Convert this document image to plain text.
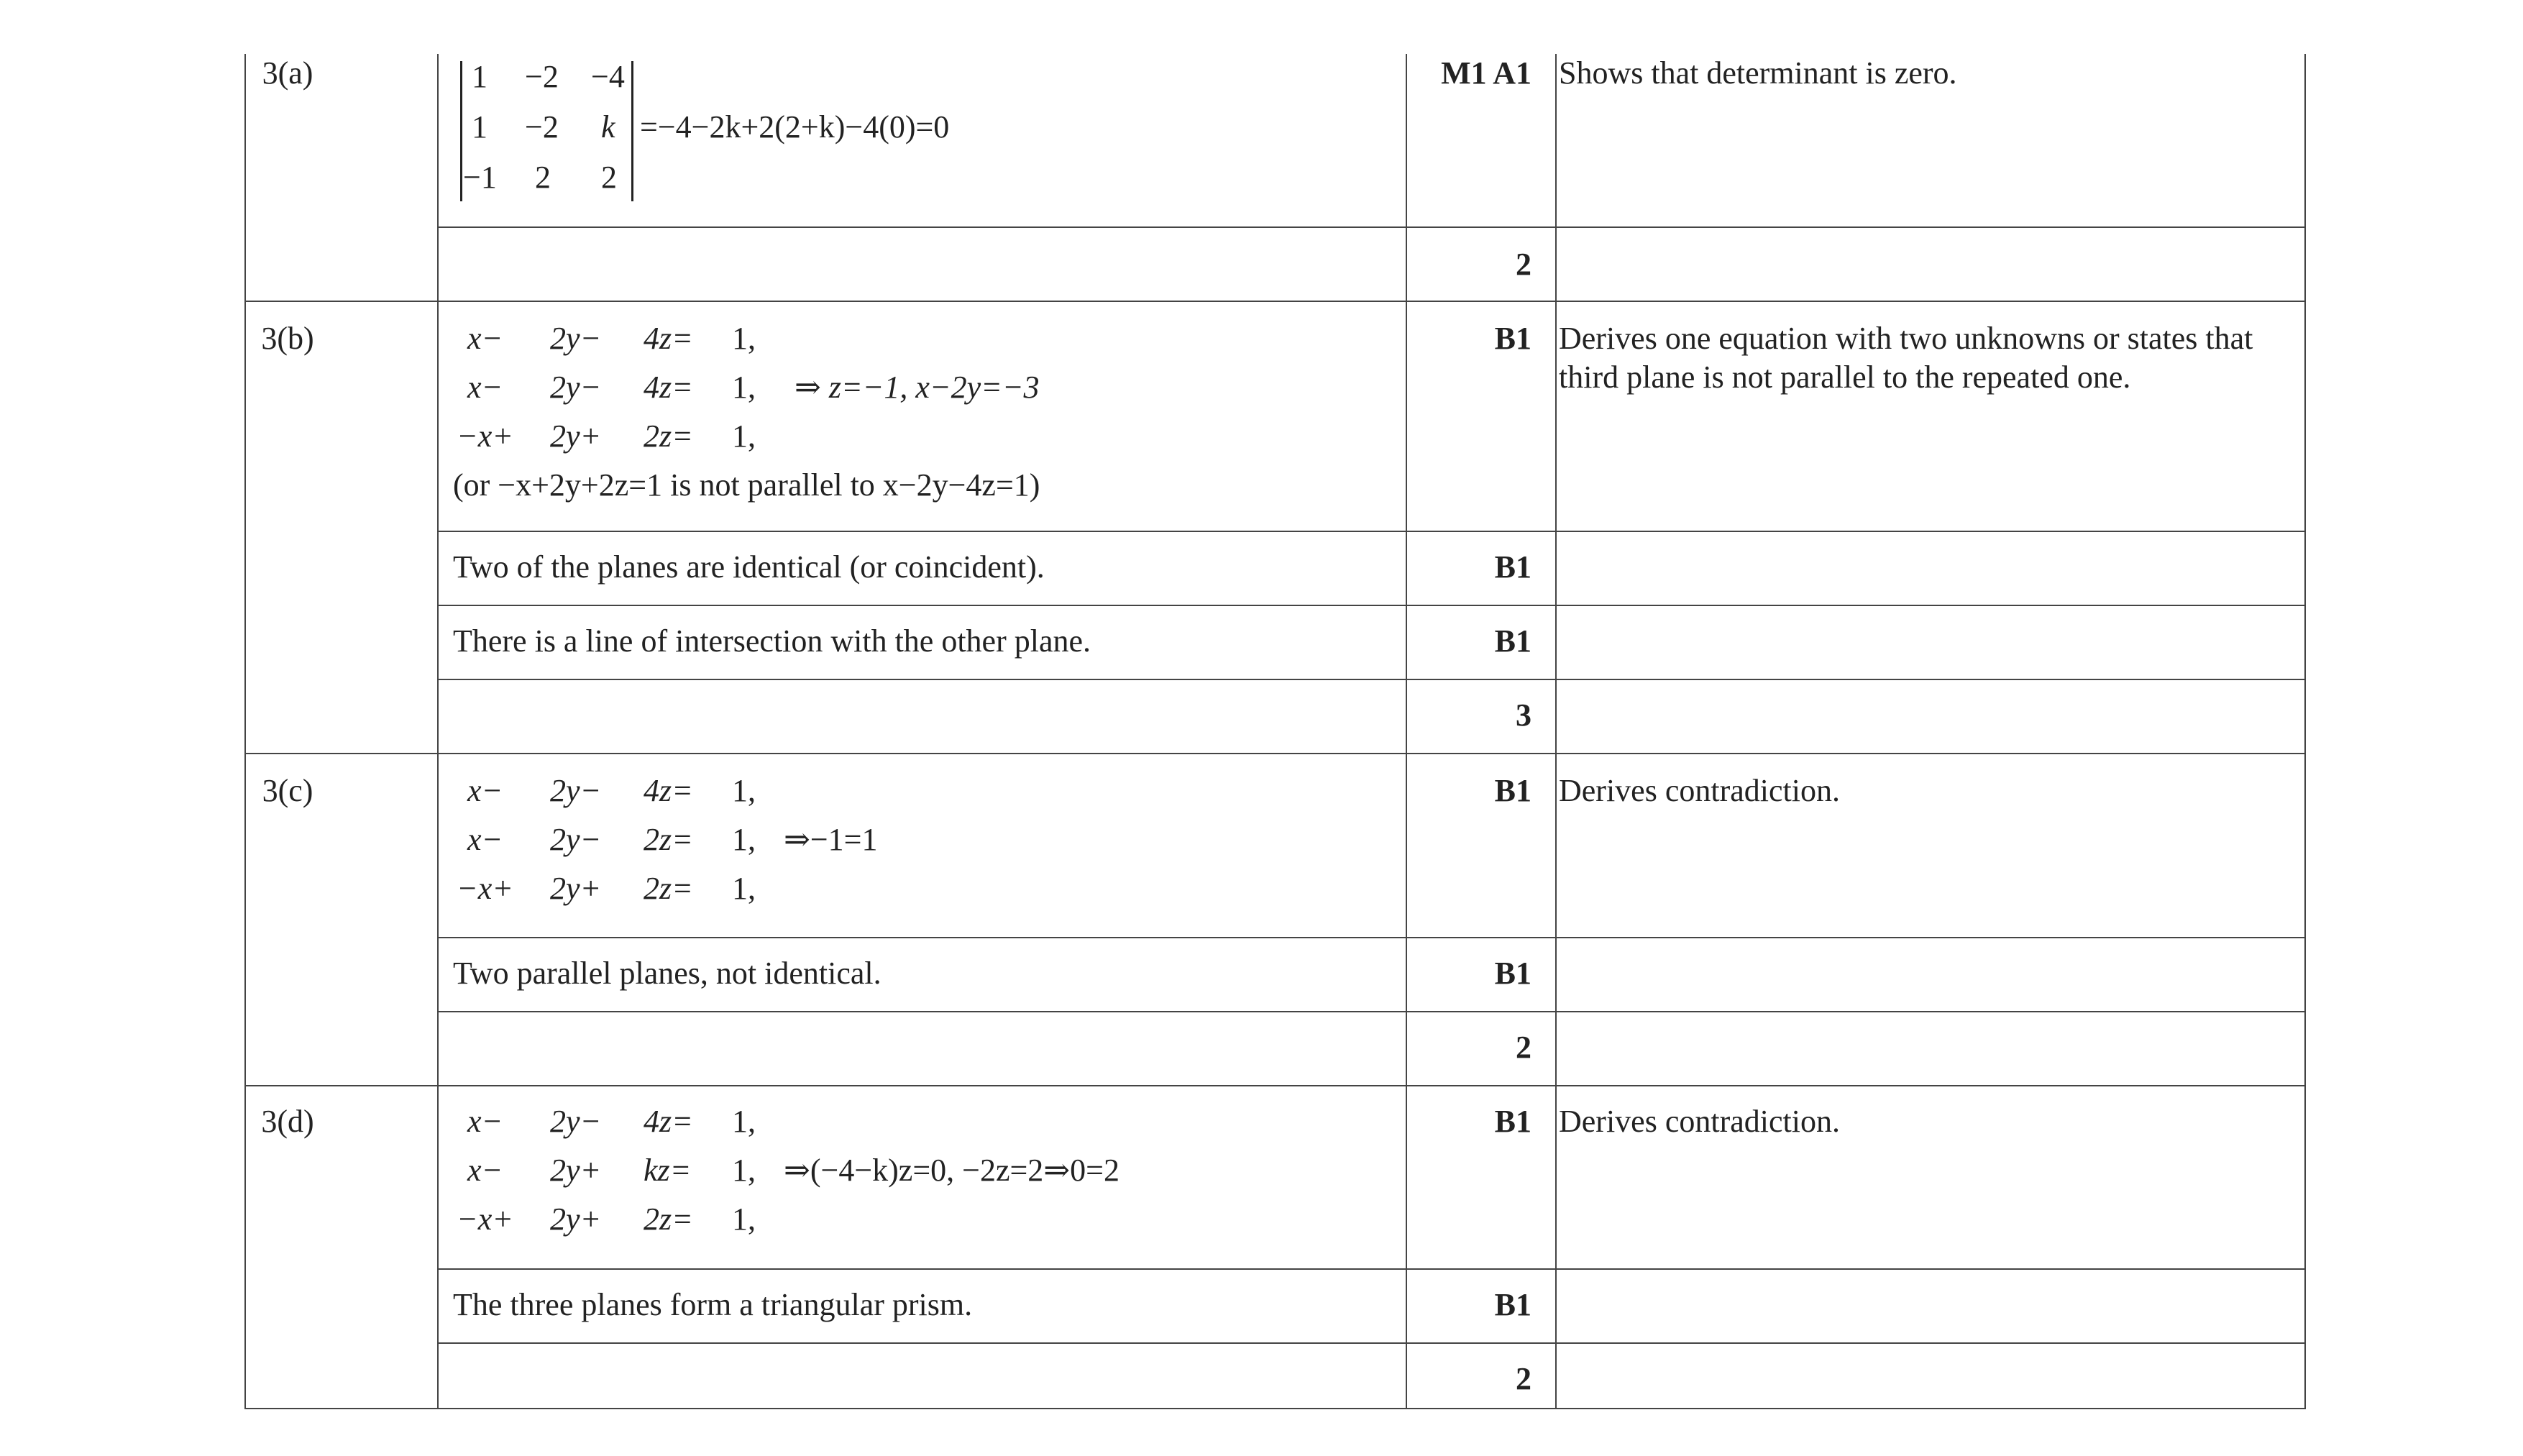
3(a)	1 −2 −4
1 −2 k
−1 2 2
=−4−2k+2(2+k)−4(0)=0
M1 A1 Shows that determinant is zero.
2
3(b)	x− 2y− 4z= 1,
x− 2y− 4z= 1, ⇒ z=−1, x−2y=−3
−x+ 2y+ 2z= 1,
(or −x+2y+2z=1 is not parallel to x−2y−4z=1)
B1 Derives one equation with two unknowns or states that third plane is not parallel to the repeated one.
Two of the planes are identical (or coincident).	B1
There is a line of intersection with the other plane.	B1
3
3(c)	x− 2y− 4z= 1,
x− 2y− 2z= 1, ⇒−1=1
−x+ 2y+ 2z= 1,
B1 Derives contradiction.
Two parallel planes, not identical.	B1
2
3(d)	x− 2y− 4z= 1,
x− 2y+ kz= 1, ⇒(−4−k)z=0, −2z=2⇒0=2
−x+ 2y+ 2z= 1,
B1 Derives contradiction.
The three planes form a triangular prism.	B1
2
